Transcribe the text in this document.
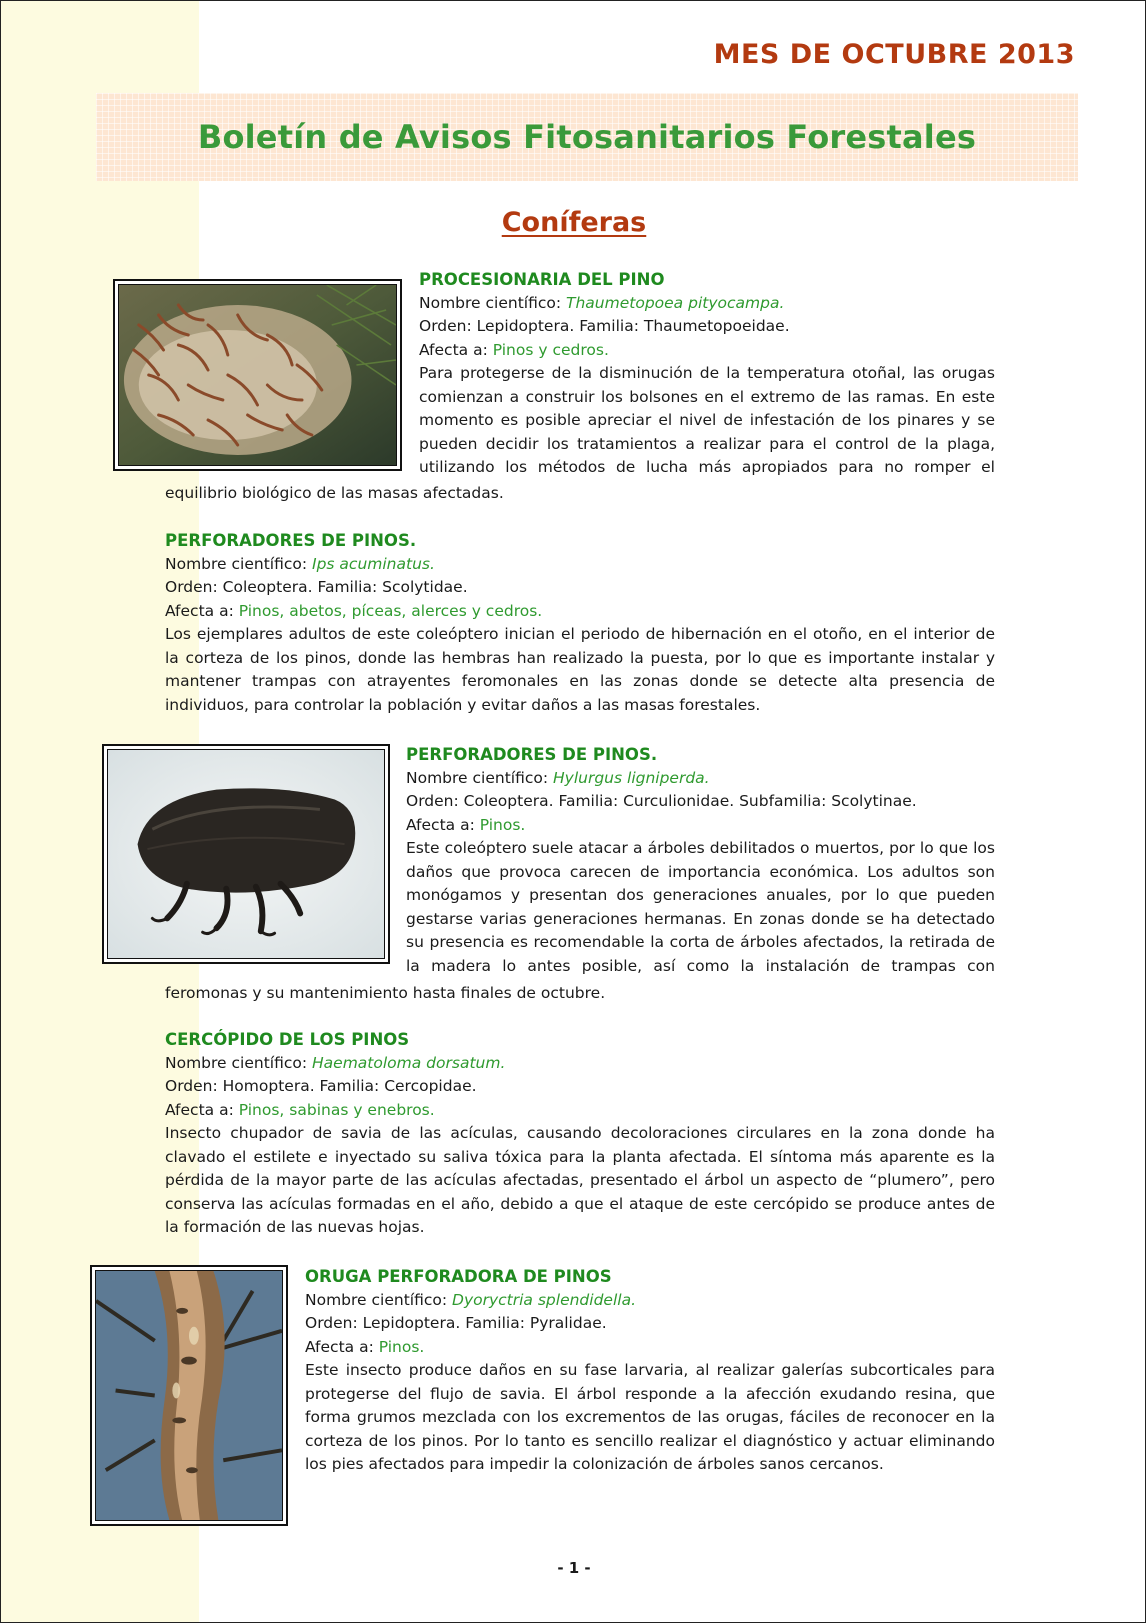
MES DE OCTUBRE 2013
Boletín de Avisos Fitosanitarios Forestales
Coníferas

PROCESIONARIA DEL PINO

Nombre científico: Thaumetopoea pityocampa.

Orden: Lepidoptera. Familia: Thaumetopoeidae.

Afecta a: Pinos y cedros.

Para protegerse de la disminución de la temperatura otoñal, las orugas comienzan a construir los bolsones en el extremo de las ramas. En este momento es posible apreciar el nivel de infestación de los pinares y se pueden decidir los tratamientos a realizar para el control de la plaga, utilizando los métodos de lucha más apropiados para no romper el

equilibrio biológico de las masas afectadas.

PERFORADORES DE PINOS.

Nombre científico: Ips acuminatus.

Orden: Coleoptera. Familia: Scolytidae.

Afecta a: Pinos, abetos, píceas, alerces y cedros.

Los ejemplares adultos de este coleóptero inician el periodo de hibernación en el otoño, en el interior de la corteza de los pinos, donde las hembras han realizado la puesta, por lo que es importante instalar y mantener trampas con atrayentes feromonales en las zonas donde se detecte alta presencia de individuos, para controlar la población y evitar daños a las masas forestales.

PERFORADORES DE PINOS.

Nombre científico: Hylurgus ligniperda.

Orden: Coleoptera. Familia: Curculionidae. Subfamilia: Scolytinae.

Afecta a: Pinos.

Este coleóptero suele atacar a árboles debilitados o muertos, por lo que los daños que provoca carecen de importancia económica. Los adultos son monógamos y presentan dos generaciones anuales, por lo que pueden gestarse varias generaciones hermanas. En zonas donde se ha detectado su presencia es recomendable la corta de árboles afectados, la retirada de la madera lo antes posible, así como la instalación de trampas con

feromonas y su mantenimiento hasta finales de octubre.

CERCÓPIDO DE LOS PINOS

Nombre científico: Haematoloma dorsatum.

Orden: Homoptera. Familia: Cercopidae.

Afecta a: Pinos, sabinas y enebros.

Insecto chupador de savia de las acículas, causando decoloraciones circulares en la zona donde ha clavado el estilete e inyectado su saliva tóxica para la planta afectada. El síntoma más aparente es la pérdida de la mayor parte de las acículas afectadas, presentado el árbol un aspecto de “plumero”, pero conserva las acículas formadas en el año, debido a que el ataque de este cercópido se produce antes de la formación de las nuevas hojas.

ORUGA PERFORADORA DE PINOS

Nombre científico: Dyoryctria splendidella.

Orden: Lepidoptera. Familia: Pyralidae.

Afecta a: Pinos.

Este insecto produce daños en su fase larvaria, al realizar galerías subcorticales para protegerse del flujo de savia. El árbol responde a la afección exudando resina, que forma grumos mezclada con los excrementos de las orugas, fáciles de reconocer en la corteza de los pinos. Por lo tanto es sencillo realizar el diagnóstico y actuar eliminando los pies afectados para impedir la colonización de árboles sanos cercanos.

- 1 -
